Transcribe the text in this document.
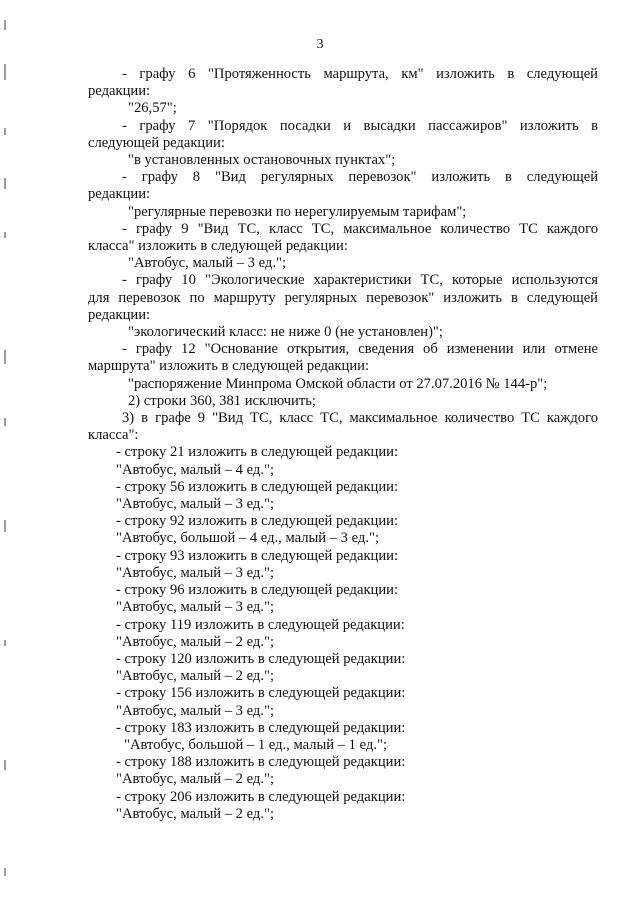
3

- графу 6 "Протяженность маршрута, км" изложить в следующей

редакции:

"26,57";

- графу 7 "Порядок посадки и высадки пассажиров" изложить в

следующей редакции:

"в установленных остановочных пунктах";

- графу 8 "Вид регулярных перевозок" изложить в следующей

редакции:

"регулярные перевозки по нерегулируемым тарифам";

- графу 9 "Вид ТС, класс ТС, максимальное количество ТС каждого

класса" изложить в следующей редакции:

"Автобус, малый – 3 ед.";

- графу 10 "Экологические характеристики ТС, которые используются

для перевозок по маршруту регулярных перевозок" изложить в следующей

редакции:

"экологический класс: не ниже 0 (не установлен)";

- графу 12 "Основание открытия, сведения об изменении или отмене

маршрута" изложить в следующей редакции:

"распоряжение Минпрома Омской области от 27.07.2016 № 144-р";

2) строки 360, 381 исключить;

3) в графе 9 "Вид ТС, класс ТС, максимальное количество ТС каждого

класса":

- строку 21 изложить в следующей редакции:

"Автобус, малый – 4 ед.";

- строку 56 изложить в следующей редакции:

"Автобус, малый – 3 ед.";

- строку 92 изложить в следующей редакции:

"Автобус, большой – 4 ед., малый – 3 ед.";

- строку 93 изложить в следующей редакции:

"Автобус, малый – 3 ед.";

- строку 96 изложить в следующей редакции:

"Автобус, малый – 3 ед.";

- строку 119 изложить в следующей редакции:

"Автобус, малый – 2 ед.";

- строку 120 изложить в следующей редакции:

"Автобус, малый – 2 ед.";

- строку 156 изложить в следующей редакции:

"Автобус, малый – 3 ед.";

- строку 183 изложить в следующей редакции:

"Автобус, большой – 1 ед., малый – 1 ед.";

- строку 188 изложить в следующей редакции:

"Автобус, малый – 2 ед.";

- строку 206 изложить в следующей редакции:

"Автобус, малый – 2 ед.";
